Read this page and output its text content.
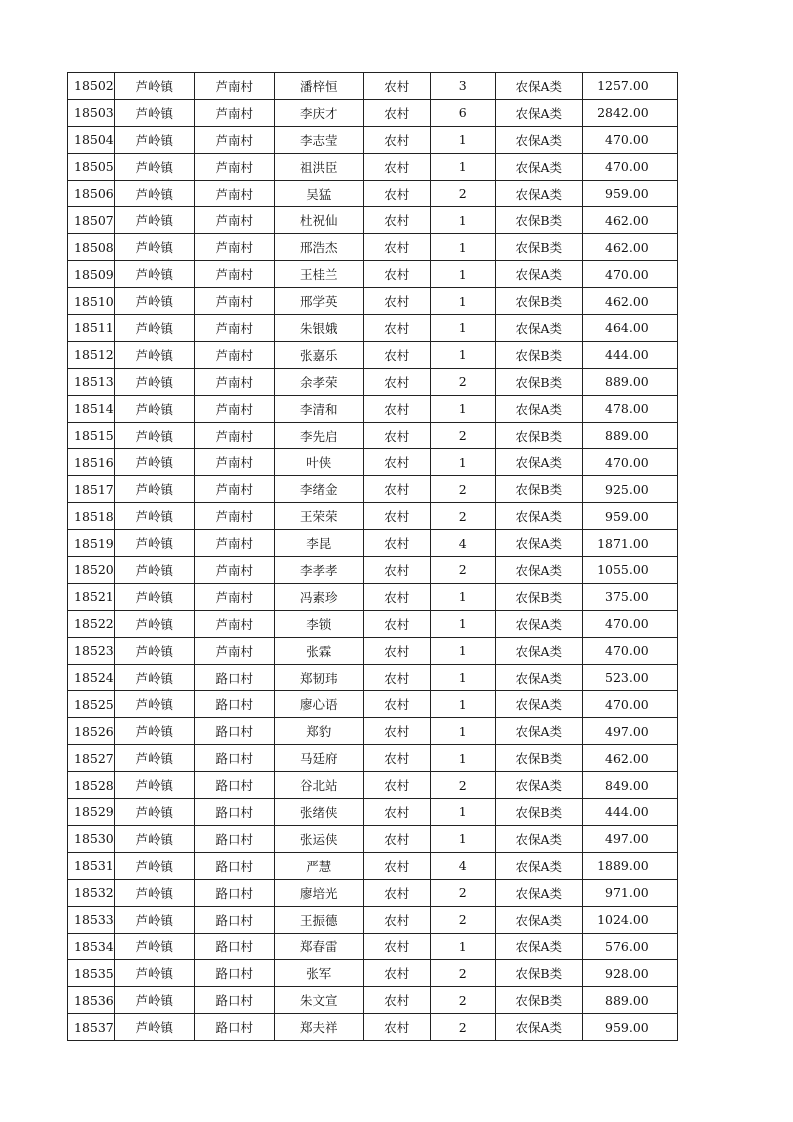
18502	芦岭镇	芦南村	潘梓恒	农村	3	农保A类	1257.00
18503	芦岭镇	芦南村	李庆才	农村	6	农保A类	2842.00
18504	芦岭镇	芦南村	李志莹	农村	1	农保A类	470.00
18505	芦岭镇	芦南村	祖洪臣	农村	1	农保A类	470.00
18506	芦岭镇	芦南村	吴猛	农村	2	农保A类	959.00
18507	芦岭镇	芦南村	杜祝仙	农村	1	农保B类	462.00
18508	芦岭镇	芦南村	邢浩杰	农村	1	农保B类	462.00
18509	芦岭镇	芦南村	王桂兰	农村	1	农保A类	470.00
18510	芦岭镇	芦南村	邢学英	农村	1	农保B类	462.00
18511	芦岭镇	芦南村	朱银娥	农村	1	农保A类	464.00
18512	芦岭镇	芦南村	张嘉乐	农村	1	农保B类	444.00
18513	芦岭镇	芦南村	余孝荣	农村	2	农保B类	889.00
18514	芦岭镇	芦南村	李清和	农村	1	农保A类	478.00
18515	芦岭镇	芦南村	李先启	农村	2	农保B类	889.00
18516	芦岭镇	芦南村	叶侠	农村	1	农保A类	470.00
18517	芦岭镇	芦南村	李绪金	农村	2	农保B类	925.00
18518	芦岭镇	芦南村	王荣荣	农村	2	农保A类	959.00
18519	芦岭镇	芦南村	李昆	农村	4	农保A类	1871.00
18520	芦岭镇	芦南村	李孝孝	农村	2	农保A类	1055.00
18521	芦岭镇	芦南村	冯素珍	农村	1	农保B类	375.00
18522	芦岭镇	芦南村	李锁	农村	1	农保A类	470.00
18523	芦岭镇	芦南村	张霖	农村	1	农保A类	470.00
18524	芦岭镇	路口村	郑韧玮	农村	1	农保A类	523.00
18525	芦岭镇	路口村	廖心语	农村	1	农保A类	470.00
18526	芦岭镇	路口村	郑豹	农村	1	农保A类	497.00
18527	芦岭镇	路口村	马廷府	农村	1	农保B类	462.00
18528	芦岭镇	路口村	谷北站	农村	2	农保A类	849.00
18529	芦岭镇	路口村	张绪侠	农村	1	农保B类	444.00
18530	芦岭镇	路口村	张运侠	农村	1	农保A类	497.00
18531	芦岭镇	路口村	严慧	农村	4	农保A类	1889.00
18532	芦岭镇	路口村	廖培光	农村	2	农保A类	971.00
18533	芦岭镇	路口村	王振德	农村	2	农保A类	1024.00
18534	芦岭镇	路口村	郑春雷	农村	1	农保A类	576.00
18535	芦岭镇	路口村	张军	农村	2	农保B类	928.00
18536	芦岭镇	路口村	朱文宣	农村	2	农保B类	889.00
18537	芦岭镇	路口村	郑夫祥	农村	2	农保A类	959.00
